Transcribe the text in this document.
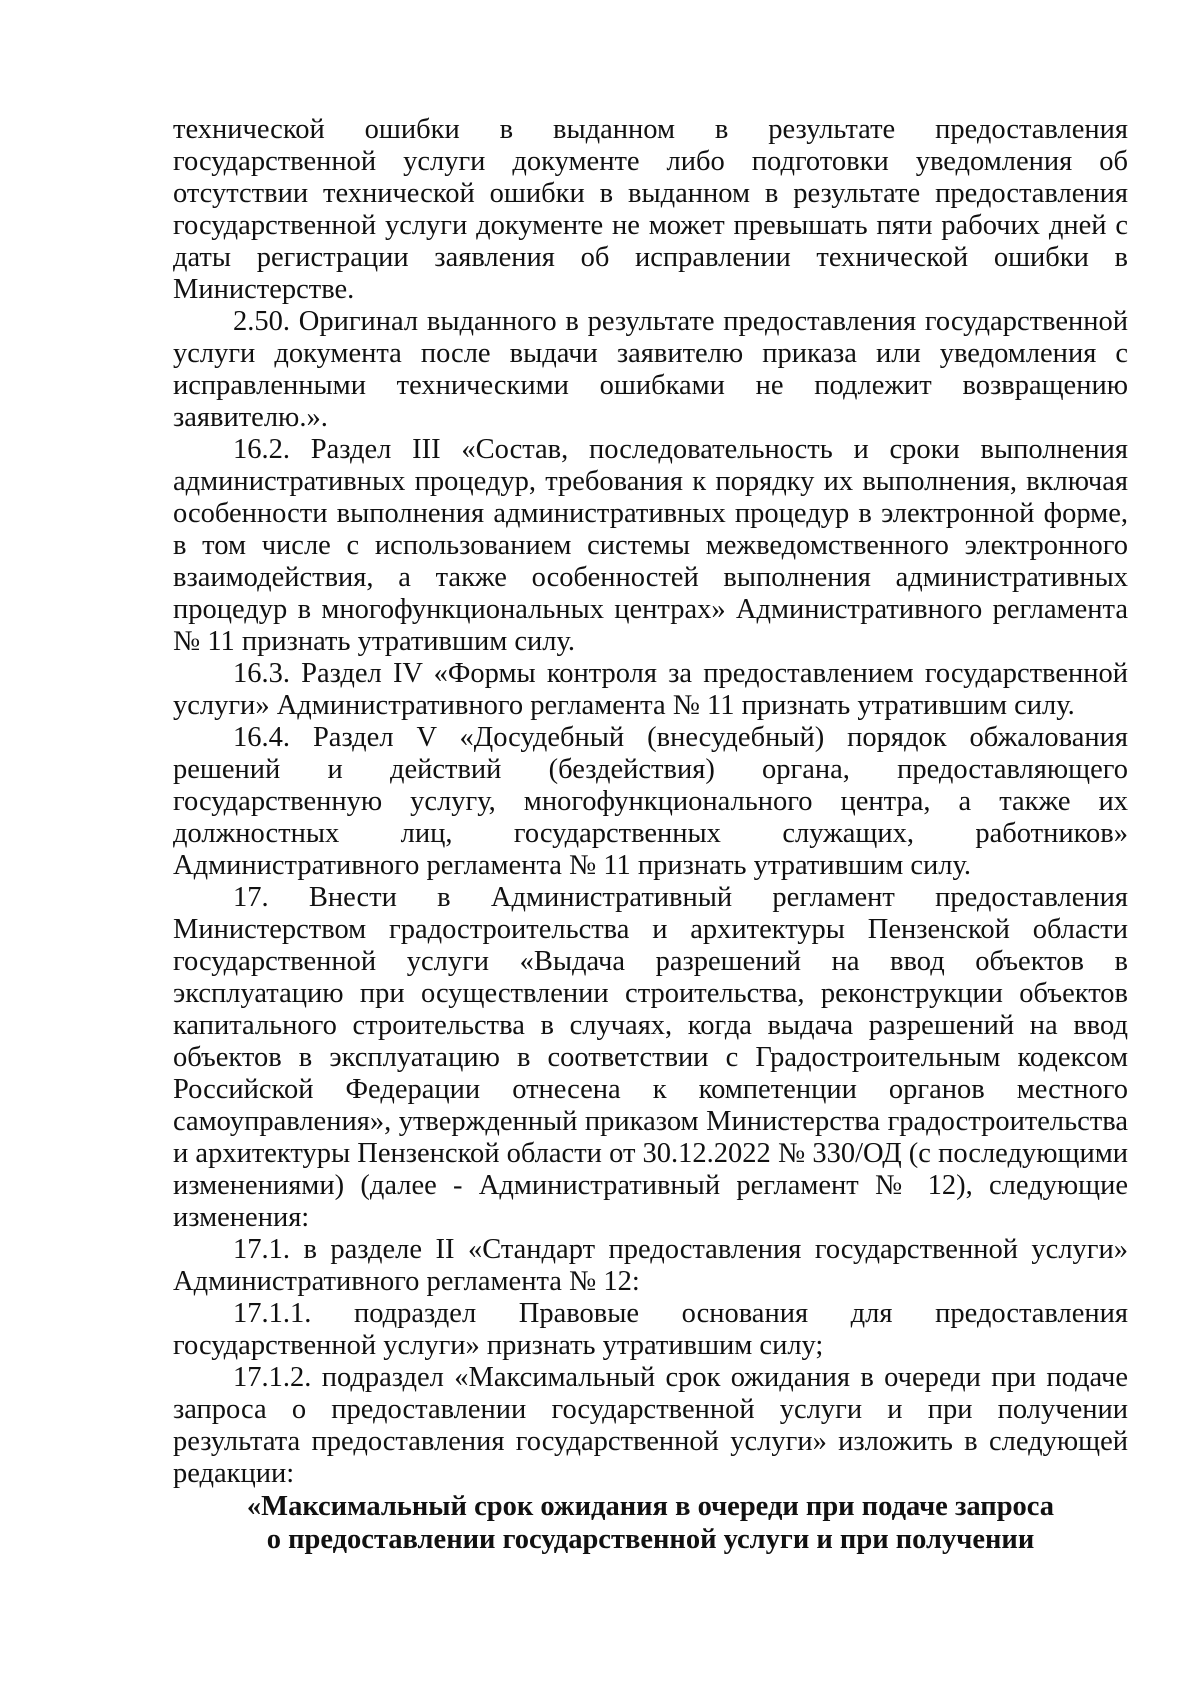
технической ошибки в выданном в результате предоставления государственной услуги документе либо подготовки уведомления об отсутствии технической ошибки в выданном в результате предоставления государственной услуги документе не может превышать пяти рабочих дней с даты регистрации заявления об исправлении технической ошибки в Министерстве.

2.50. Оригинал выданного в результате предоставления государственной услуги документа после выдачи заявителю приказа или уведомления с исправленными техническими ошибками не подлежит возвращению заявителю.».

16.2. Раздел III «Состав, последовательность и сроки выполнения административных процедур, требования к порядку их выполнения, включая особенности выполнения административных процедур в электронной форме, в том числе с использованием системы межведомственного электронного взаимодействия, а также особенностей выполнения административных процедур в многофункциональных центрах» Административного регламента № 11 признать утратившим силу.

16.3. Раздел IV «Формы контроля за предоставлением государственной услуги» Административного регламента № 11 признать утратившим силу.

16.4. Раздел V «Досудебный (внесудебный) порядок обжалования решений и действий (бездействия) органа, предоставляющего государственную услугу, многофункционального центра, а также их должностных лиц, государственных служащих, работников» Административного регламента № 11 признать утратившим силу.

17. Внести в Административный регламент предоставления Министерством градостроительства и архитектуры Пензенской области государственной услуги «Выдача разрешений на ввод объектов в эксплуатацию при осуществлении строительства, реконструкции объектов капитального строительства в случаях, когда выдача разрешений на ввод объектов в эксплуатацию в соответствии с Градостроительным кодексом Российской Федерации отнесена к компетенции органов местного самоуправления», утвержденный приказом Министерства градостроительства и архитектуры Пензенской области от 30.12.2022 № 330/ОД (с последующими изменениями) (далее - Административный регламент № 12), следующие изменения:

17.1. в разделе II «Стандарт предоставления государственной услуги» Административного регламента № 12:

17.1.1. подраздел Правовые основания для предоставления государственной услуги» признать утратившим силу;

17.1.2. подраздел «Максимальный срок ожидания в очереди при подаче запроса о предоставлении государственной услуги и при получении результата предоставления государственной услуги» изложить в следующей редакции:

«Максимальный срок ожидания в очереди при подаче запроса
о предоставлении государственной услуги и при получении
